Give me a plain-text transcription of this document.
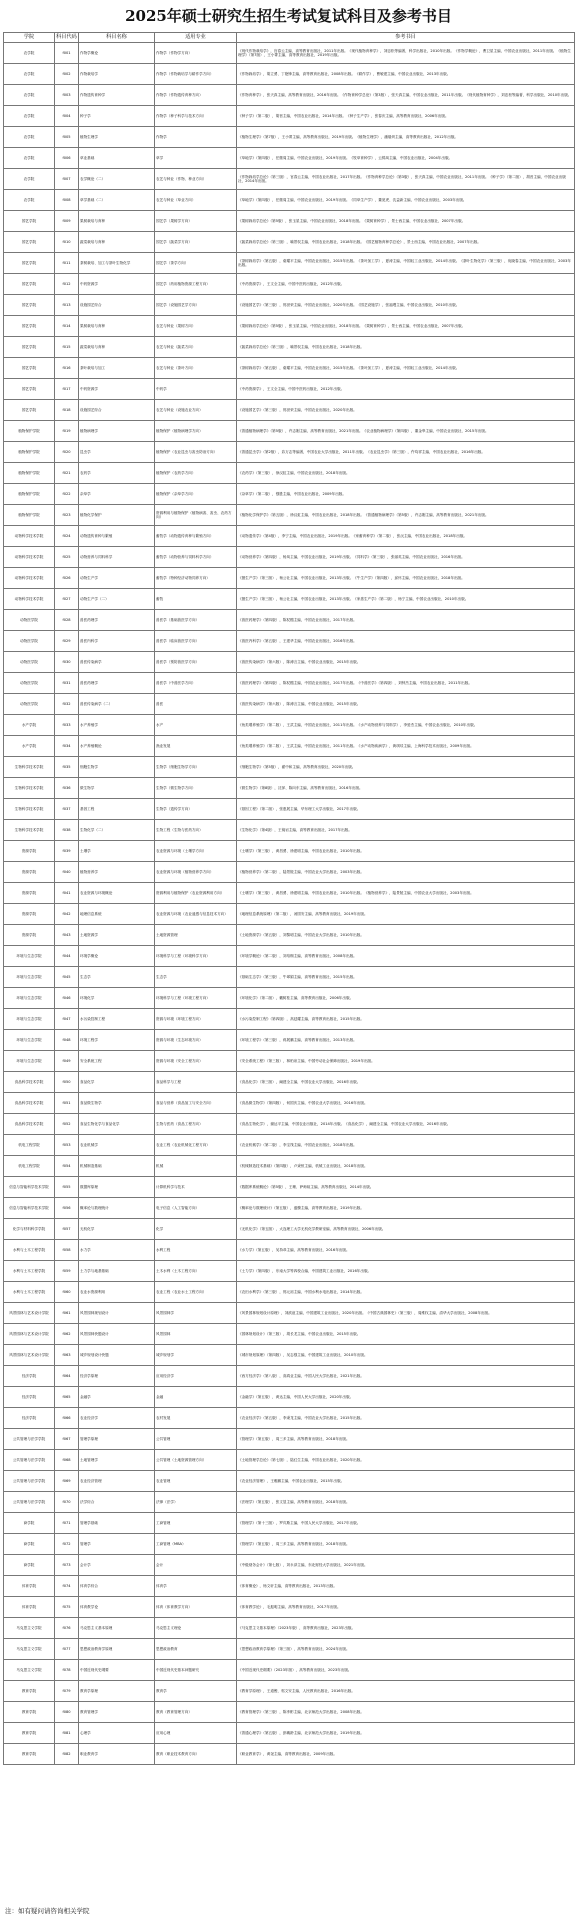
2025年硕士研究生招生考试复试科目及参考书目
学院	科目代码	科目名称	适用专业	参考书目
农学院	f001	作物学概论	作物学（作物学方向）	《现代作物栽培学》，官春云主编，高等教育出版社，2011年出版。《现代植物育种学》，刘忠松等编著，科学出版社，2010年出版。《作物学概论》，曹卫星主编，中国农业出版社，2011年出版。《植物生理学》（第7版），王小菁主编，高等教育出版社，2019年出版。
农学院	f002	作物栽培学	作物学（作物栽培学与耕作学方向）	《作物栽培学》，胡立勇、丁艳锋主编，高等教育出版社，2008年出版。《耕作学》，曹敏建主编，中国农业出版社，2013年出版。
农学院	f003	作物遗传育种学	作物学（作物遗传育种方向）	《作物育种学》，张天真主编，高等教育出版社，2016年出版。《作物育种学总论》（第3版），张天真主编，中国农业出版社，2011年出版。《现代植物育种学》，刘忠松等编著，科学出版社，2010年出版。
农学院	f004	种子学	作物学（种子科学与技术方向）	《种子学》（第二版），胡晋主编，中国农业出版社，2014年出版。《种子生产学》，张春庆主编，高等教育出版社，2006年出版。
农学院	f005	植物生理学	作物学	《植物生理学》（第7版），王小菁主编，高等教育出版社，2019年出版。《植物生理学》，潘瑞炽主编，高等教育出版社，2012年出版。
农学院	f006	草业基础	草学	《草地学》（第四版），任继周主编，中国农业出版社，2019年出版。《牧草育种学》，云锦凤主编，中国农业出版社，2004年出版。
农学院	f007	农学概论（二）	农艺与种业（作物、种业方向）	《作物栽培学总论》（第三版），官春云主编，中国农业出版社，2017年出版。《作物育种学总论》（第3版），张天真主编，中国农业出版社，2011年出版。《种子学》（第二版），胡晋主编，中国农业出版社，2014年出版。
农学院	f008	草学基础（二）	农艺与种业（草业方向）	《草地学》（第四版），任继周主编，中国农业出版社，2019年出版。《饲草生产学》，董宽虎、沈益新主编，中国农业出版社，2003年出版。
园艺学院	f009	果树栽培与育种	园艺学（果树学方向）	《果树栽培学总论》（第5版），张玉星主编，中国农业出版社，2018年出版。《果树育种学》，景士西主编，中国农业出版社，2007年出版。
园艺学院	f010	蔬菜栽培与育种	园艺学（蔬菜学方向）	《蔬菜栽培学总论》（第三版），喻景权主编，中国农业出版社，2018年出版。《园艺植物育种学总论》，景士西主编，中国农业出版社，2007年出版。
园艺学院	f011	茶树栽培、加工与茶叶生物化学	园艺学（茶学方向）	《茶树栽培学》（第五版），骆耀平主编，中国农业出版社，2015年出版。《茶叶加工学》，夏涛主编，中国轻工业出版社，2014年出版。《茶叶生物化学》（第三版），宛晓春主编，中国农业出版社，2003年出版。
园艺学院	f012	中药资源学	园艺学（药用植物资源工程方向）	《中药资源学》，王文全主编，中国中医药出版社，2012年出版。
园艺学院	f013	设施园艺综合	园艺学（设施园艺学方向）	《设施园艺学》（第三版），郭世荣主编，中国农业出版社，2020年出版。《园艺设施学》，张福墁主编，中国农业出版社，2010年出版。
园艺学院	f014	果树栽培与育种	农艺与种业（果树方向）	《果树栽培学总论》（第5版），张玉星主编，中国农业出版社，2018年出版。《果树育种学》，景士西主编，中国农业出版社，2007年出版。
园艺学院	f015	蔬菜栽培与育种	农艺与种业（蔬菜方向）	《蔬菜栽培学总论》（第三版），喻景权主编，中国农业出版社，2018年出版。
园艺学院	f016	茶叶栽培与加工	农艺与种业（茶叶方向）	《茶树栽培学》（第五版），骆耀平主编，中国农业出版社，2015年出版。《茶叶加工学》，夏涛主编，中国轻工业出版社，2014年出版。
园艺学院	f017	中药资源学	中药学	《中药资源学》，王文全主编，中国中医药出版社，2012年出版。
园艺学院	f018	设施园艺综合	农艺与种业（设施农业方向）	《设施园艺学》（第三版），郭世荣主编，中国农业出版社，2020年出版。
植物保护学院	f019	植物病理学	植物保护（植物病理学方向）	《普通植物病理学》（第5版），许志刚主编，高等教育出版社，2021年出版。《农业植物病理学》（第四版），董金皋主编，中国农业出版社，2015年出版。
植物保护学院	f020	昆虫学	植物保护（农业昆虫与害虫防治方向）	《普通昆虫学》（第2版），彩万志等编著，中国农业大学出版社，2011年出版。《农业昆虫学》（第三版），仵均祥主编，中国农业出版社，2016年出版。
植物保护学院	f021	农药学	植物保护（农药学方向）	《农药学》（第三版），徐汉虹主编，中国农业出版社，2018年出版。
植物保护学院	f022	杂草学	植物保护（杂草学方向）	《杂草学》（第二版），强胜主编，中国农业出版社，2009年出版。
植物保护学院	f023	植物化学保护	资源利用与植物保护（植物病害、害虫、农药方向）	《植物化学保护学》（第五版），徐汉虹主编，中国农业出版社，2018年出版。《普通植物病理学》（第5版），许志刚主编，高等教育出版社，2021年出版。
动物科学技术学院	f024	动物遗传育种与繁殖	畜牧学（动物遗传育种与繁殖方向）	《动物遗传学》（第4版），李宁主编，中国农业出版社，2019年出版。《家畜育种学》（第二版），张沅主编，中国农业出版社，2018年出版。
动物科学技术学院	f025	动物营养与饲料科学	畜牧学（动物营养与饲料科学方向）	《动物营养学》（第四版），杨凤主编，中国农业出版社，2019年出版。《饲料学》（第三版），张丽英主编，中国农业出版社，2016年出版。
动物科学技术学院	f026	动物生产学	畜牧学（特种经济动物饲养方向）	《猪生产学》（第三版），杨公社主编，中国农业出版社，2013年出版。《牛生产学》（第四版），邱怀主编，中国农业出版社，2018年出版。
动物科学技术学院	f027	动物生产学（二）	畜牧	《猪生产学》（第三版），杨公社主编，中国农业出版社，2013年出版。《家禽生产学》（第二版），杨宁主编，中国农业出版社，2010年出版。
动物医学院	f028	兽医药理学	兽医学（基础兽医学方向）	《兽医药理学》（第四版），陈杖榴主编，中国农业出版社，2017年出版。
动物医学院	f029	兽医内科学	兽医学（临床兽医学方向）	《兽医内科学》（第五版），王建华主编，中国农业出版社，2016年出版。
动物医学院	f030	兽医传染病学	兽医学（预防兽医学方向）	《兽医传染病学》（第六版），陈溥言主编，中国农业出版社，2015年出版。
动物医学院	f031	兽医药理学	兽医学（中兽医学方向）	《兽医药理学》（第四版），陈杖榴主编，中国农业出版社，2017年出版。《中兽医学》（第四版），刘钟杰主编，中国农业出版社，2011年出版。
动物医学院	f032	兽医传染病学（二）	兽医	《兽医传染病学》（第六版），陈溥言主编，中国农业出版社，2015年出版。
水产学院	f033	水产养殖学	水产	《鱼类增养殖学》（第二版），王武主编，中国农业出版社，2011年出版。《水产动物营养与饲料学》，李爱杰主编，中国农业出版社，2010年出版。
水产学院	f034	水产养殖概论	渔业发展	《鱼类增养殖学》（第二版），王武主编，中国农业出版社，2011年出版。《水产动物疾病学》，黄琪琰主编，上海科学技术出版社，2009年出版。
生物科学技术学院	f035	细胞生物学	生物学（细胞生物学方向）	《细胞生物学》（第5版），翟中和主编，高等教育出版社，2020年出版。
生物科学技术学院	f036	微生物学	生物学（微生物学方向）	《微生物学》（第8版），沈萍、陈向东主编，高等教育出版社，2016年出版。
生物科学技术学院	f037	基因工程	生物学（遗传学方向）	《基因工程》（第二版），张惠展主编，华东理工大学出版社，2017年出版。
生物科学技术学院	f038	生物化学（二）	生物工程（生物与医药方向）	《生物化学》（第4版），王镜岩主编，高等教育出版社，2017年出版。
资源学院	f039	土壤学	农业资源与环境（土壤学方向）	《土壤学》（第三版），黄昌勇、徐建明主编，中国农业出版社，2010年出版。
资源学院	f040	植物营养学	农业资源与环境（植物营养学方向）	《植物营养学》（第二版），陆景陵主编，中国农业大学出版社，2003年出版。
资源学院	f041	农业资源与环境概论	资源利用与植物保护（农业资源利用方向）	《土壤学》（第三版），黄昌勇、徐建明主编，中国农业出版社，2010年出版。《植物营养学》，陆景陵主编，中国农业大学出版社，2003年出版。
资源学院	f042	地理信息系统	农业资源与环境（农业遥感与信息技术方向）	《地理信息系统原理》（第二版），汤国安主编，高等教育出版社，2019年出版。
资源学院	f043	土地资源学	土地资源管理	《土地资源学》（第五版），刘黎明主编，中国农业大学出版社，2010年出版。
环境与生态学院	f044	环境学概论	环境科学与工程（环境科学方向）	《环境学概论》（第二版），刘培桐主编，高等教育出版社，2008年出版。
环境与生态学院	f045	生态学	生态学	《基础生态学》（第三版），牛翠娟主编，高等教育出版社，2015年出版。
环境与生态学院	f046	环境化学	环境科学与工程（环境工程方向）	《环境化学》（第二版），戴树桂主编，高等教育出版社，2006年出版。
环境与生态学院	f047	水污染控制工程	资源与环境（环境工程方向）	《水污染控制工程》（第四版），高廷耀主编，高等教育出版社，2015年出版。
环境与生态学院	f048	环境工程学	资源与环境（生态环境方向）	《环境工程学》（第三版），蒋展鹏主编，高等教育出版社，2013年出版。
环境与生态学院	f049	安全系统工程	资源与环境（安全工程方向）	《安全系统工程》（第三版），林柏泉主编，中国劳动社会保障出版社，2019年出版。
食品科学技术学院	f050	食品化学	食品科学与工程	《食品化学》（第三版），阚建全主编，中国农业大学出版社，2016年出版。
食品科学技术学院	f051	食品微生物学	食品与营养（食品加工与安全方向）	《食品微生物学》（第四版），何国庆主编，中国农业大学出版社，2016年出版。
食品科学技术学院	f052	食品生物化学与食品化学	生物与医药（食品工程方向）	《食品生物化学》，谢达平主编，中国农业出版社，2014年出版。《食品化学》，阚建全主编，中国农业大学出版社，2016年出版。
机电工程学院	f053	农业机械学	农业工程（农业机械化工程方向）	《农业机械学》（第二版），李宝筏主编，中国农业出版社，2018年出版。
机电工程学院	f054	机械制造基础	机械	《机械制造技术基础》（第四版），卢秉恒主编，机械工业出版社，2018年出版。
信息与智能科学技术学院	f055	数据库原理	计算机科学与技术	《数据库系统概论》（第5版），王珊、萨师煊主编，高等教育出版社，2014年出版。
信息与智能科学技术学院	f056	概率论与数理统计	电子信息（人工智能方向）	《概率论与数理统计》（第五版），盛骤主编，高等教育出版社，2019年出版。
化学与材料科学学院	f057	无机化学	化学	《无机化学》（第五版），大连理工大学无机化学教研室编，高等教育出版社，2006年出版。
水利与土木工程学院	f058	水力学	水利工程	《水力学》（第五版），吴持恭主编，高等教育出版社，2016年出版。
水利与土木工程学院	f059	土力学与地基基础	土木水利（土木工程方向）	《土力学》（第四版），东南大学等四校合编，中国建筑工业出版社，2016年出版。
水利与土木工程学院	f060	农业水资源利用	农业工程（农业水土工程方向）	《农田水利学》（第三版），郭元裕主编，中国水利水电出版社，2014年出版。
风景园林与艺术设计学院	f061	风景园林规划设计	风景园林学	《风景园林规划设计原理》，刘滨谊主编，中国建筑工业出版社，2020年出版。《中国古典园林史》（第三版），周维权主编，清华大学出版社，2008年出版。
风景园林与艺术设计学院	f062	风景园林快题设计	风景园林	《园林规划设计》（第三版），胡长龙主编，中国农业出版社，2015年出版。
风景园林与艺术设计学院	f063	城乡规划设计快题	城乡规划学	《城市规划原理》（第四版），吴志强主编，中国建筑工业出版社，2010年出版。
经济学院	f064	经济学原理	应用经济学	《西方经济学》（第八版），高鸿业主编，中国人民大学出版社，2021年出版。
经济学院	f065	金融学	金融	《金融学》（第五版），黄达主编，中国人民大学出版社，2020年出版。
经济学院	f066	农业经济学	农村发展	《农业经济学》（第五版），李秉龙主编，中国农业大学出版社，2015年出版。
公共管理与法学学院	f067	管理学原理	公共管理	《管理学》（第五版），周三多主编，高等教育出版社，2018年出版。
公共管理与法学学院	f068	土地管理学	公共管理（土地资源管理方向）	《土地管理学总论》（第七版），陆红生主编，中国农业出版社，2020年出版。
公共管理与法学学院	f069	农业经济管理	农业管理	《农业经济管理》，王雅鹏主编，中国农业出版社，2015年出版。
公共管理与法学学院	f070	法学综合	法律（法学）	《法理学》（第五版），张文显主编，高等教育出版社，2018年出版。
商学院	f071	管理学基础	工商管理	《管理学》（第十三版），罗宾斯主编，中国人民大学出版社，2017年出版。
商学院	f072	管理学	工商管理（MBA）	《管理学》（第五版），周三多主编，高等教育出版社，2018年出版。
商学院	f073	会计学	会计	《中级财务会计》（第七版），刘永泽主编，东北财经大学出版社，2021年出版。
体育学院	f074	体育学综合	体育学	《体育概论》，杨文轩主编，高等教育出版社，2013年出版。
体育学院	f075	体育教学论	体育（体育教学方向）	《体育教学论》，毛振明主编，高等教育出版社，2017年出版。
马克思主义学院	f076	马克思主义基本原理	马克思主义理论	《马克思主义基本原理》（2023年版），高等教育出版社，2023年出版。
马克思主义学院	f077	思想政治教育学原理	思想政治教育	《思想政治教育学原理》（第三版），高等教育出版社，2024年出版。
马克思主义学院	f078	中国近现代史纲要	中国近现代史基本问题研究	《中国近现代史纲要》（2023年版），高等教育出版社，2023年出版。
教育学院	f079	教育学原理	教育学	《教育学原理》，王道俊、郭文安主编，人民教育出版社，2016年出版。
教育学院	f080	教育管理学	教育（教育管理方向）	《教育管理学》（第三版），陈孝彬主编，北京师范大学出版社，2008年出版。
教育学院	f081	心理学	应用心理	《普通心理学》（第五版），彭聃龄主编，北京师范大学出版社，2019年出版。
教育学院	f082	职业教育学	教育（职业技术教育方向）	《职业教育学》，黄尧主编，高等教育出版社，2009年出版。
注：如有疑问请咨询相关学院
